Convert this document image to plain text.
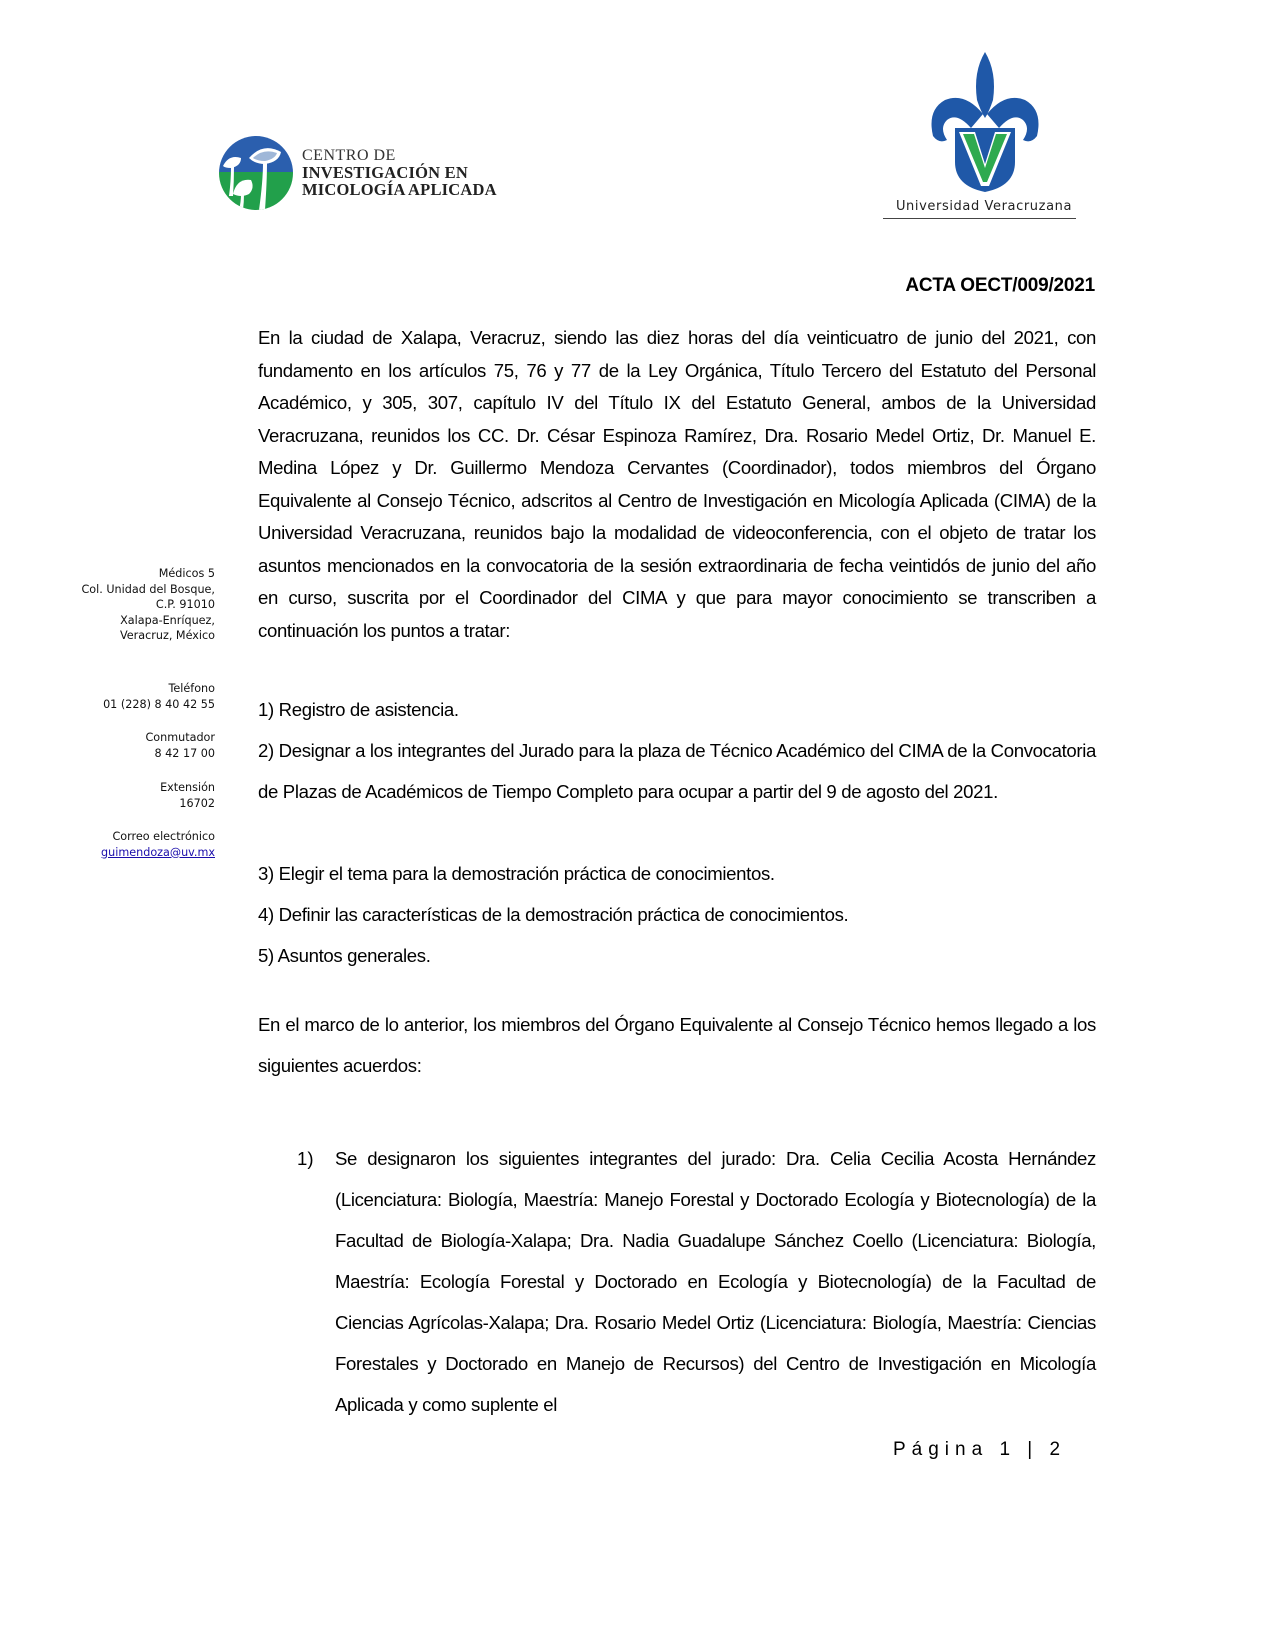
CENTRO DE
INVESTIGACIÓN EN
MICOLOGÍA APLICADA
Universidad Veracruzana
ACTA OECT/009/2021
Médicos 5
Col. Unidad del Bosque,
C.P. 91010
Xalapa-Enríquez,
Veracruz, México
Teléfono
01 (228) 8 40 42 55
Conmutador
8 42 17 00
Extensión
16702
Correo electrónico
guimendoza@uv.mx
En la ciudad de Xalapa, Veracruz, siendo las diez horas del día veinticuatro de junio del 2021, con fundamento en los artículos 75, 76 y 77 de la Ley Orgánica, Título Tercero del Estatuto del Personal Académico, y 305, 307, capítulo IV del Título IX del Estatuto General, ambos de la Universidad Veracruzana, reunidos los CC. Dr. César Espinoza Ramírez, Dra. Rosario Medel Ortiz, Dr. Manuel E. Medina López y Dr. Guillermo Mendoza Cervantes (Coordinador), todos miembros del Órgano Equivalente al Consejo Técnico, adscritos al Centro de Investigación en Micología Aplicada (CIMA) de la Universidad Veracruzana, reunidos bajo la modalidad de videoconferencia, con el objeto de tratar los asuntos mencionados en la convocatoria de la sesión extraordinaria de fecha veintidós de junio del año en curso, suscrita por el Coordinador del CIMA y que para mayor conocimiento se transcriben a continuación los puntos a tratar:
1) Registro de asistencia.
2) Designar a los integrantes del Jurado para la plaza de Técnico Académico del CIMA de la Convocatoria de Plazas de Académicos de Tiempo Completo para ocupar a partir del 9 de agosto del 2021.
3) Elegir el tema para la demostración práctica de conocimientos.
4) Definir las características de la demostración práctica de conocimientos.
5) Asuntos generales.
En el marco de lo anterior, los miembros del Órgano Equivalente al Consejo Técnico hemos llegado a los siguientes acuerdos:
1) Se designaron los siguientes integrantes del jurado: Dra. Celia Cecilia Acosta Hernández (Licenciatura: Biología, Maestría: Manejo Forestal y Doctorado Ecología y Biotecnología) de la Facultad de Biología-Xalapa; Dra. Nadia Guadalupe Sánchez Coello (Licenciatura: Biología, Maestría: Ecología Forestal y Doctorado en Ecología y Biotecnología) de la Facultad de Ciencias Agrícolas-Xalapa; Dra. Rosario Medel Ortiz (Licenciatura: Biología, Maestría: Ciencias Forestales y Doctorado en Manejo de Recursos) del Centro de Investigación en Micología Aplicada y como suplente el
Página 1 | 2
